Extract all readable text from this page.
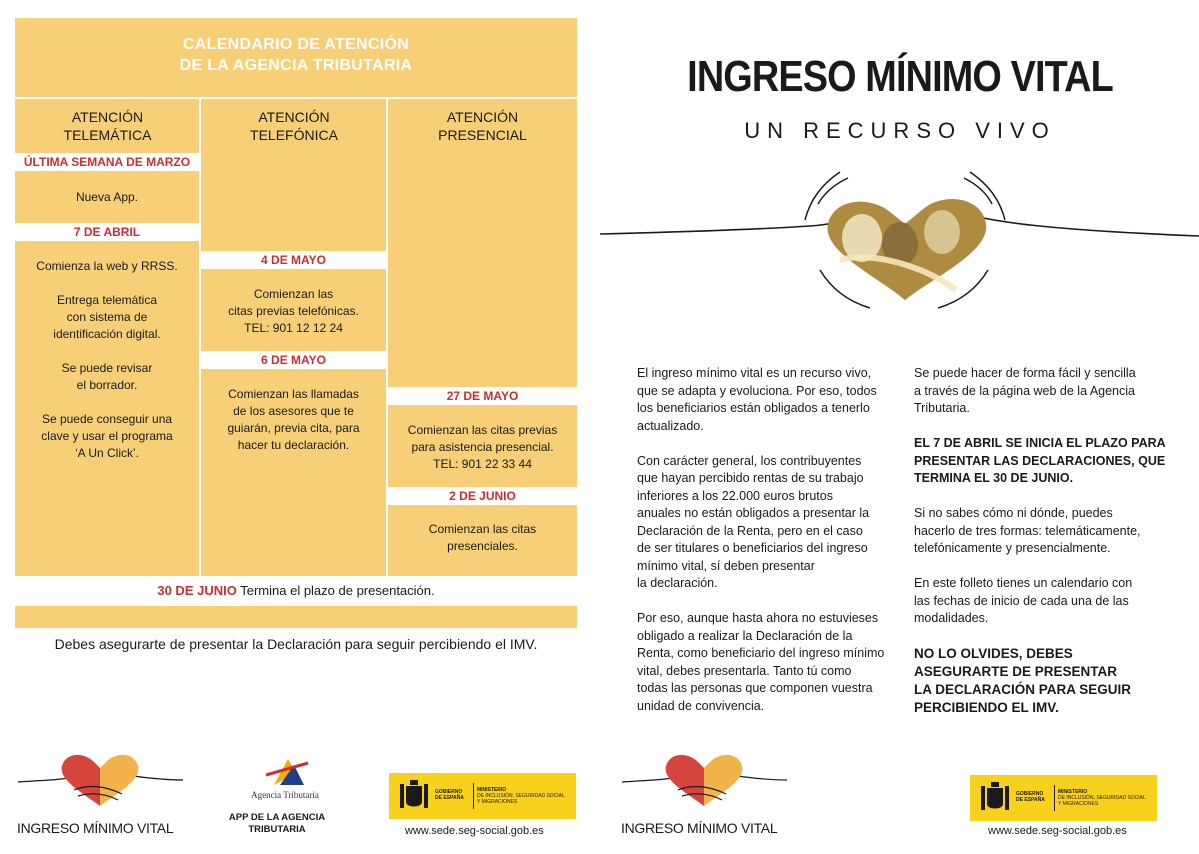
CALENDARIO DE ATENCIÓN
DE LA AGENCIA TRIBUTARIA
ATENCIÓN
TELEMÁTICA
ATENCIÓN
TELEFÓNICA
ATENCIÓN
PRESENCIAL
ÚLTIMA SEMANA DE MARZO
Nueva App.
7 DE ABRIL

Comienza la web y RRSS.

Entrega telemática
con sistema de
identificación digital.

Se puede revisar
el borrador.

Se puede conseguir una
clave y usar el programa
‘A Un Click’.

4 DE MAYO
Comienzan las
citas previas telefónicas.
TEL: 901 12 12 24
6 DE MAYO
Comienzan las llamadas
de los asesores que te
guiarán, previa cita, para
hacer tu declaración.
27 DE MAYO
Comienzan las citas previas
para asistencia presencial.
TEL: 901 22 33 44
2 DE JUNIO
Comienzan las citas
presenciales.
30 DE JUNIO Termina el plazo de presentación.
Debes asegurarte de presentar la Declaración para seguir percibiendo el IMV.
INGRESO MÍNIMO VITAL
UN RECURSO VIVO

El ingreso mínimo vital es un recurso vivo,
que se adapta y evoluciona. Por eso, todos
los beneficiarios están obligados a tenerlo
actualizado.

Con carácter general, los contribuyentes
que hayan percibido rentas de su trabajo
inferiores a los 22.000 euros brutos
anuales no están obligados a presentar la
Declaración de la Renta, pero en el caso
de ser titulares o beneficiarios del ingreso
mínimo vital, sí deben presentar
la declaración.

Por eso, aunque hasta ahora no estuvieses
obligado a realizar la Declaración de la
Renta, como beneficiario del ingreso mínimo
vital, debes presentarla. Tanto tú como
todas las personas que componen vuestra
unidad de convivencia.

Se puede hacer de forma fácil y sencilla
a través de la página web de la Agencia
Tributaria.

EL 7 DE ABRIL SE INICIA EL PLAZO PARA
PRESENTAR LAS DECLARACIONES, QUE
TERMINA EL 30 DE JUNIO.

Si no sabes cómo ni dónde, puedes
hacerlo de tres formas: telemáticamente,
telefónicamente y presencialmente.

En este folleto tienes un calendario con
las fechas de inicio de cada una de las
modalidades.

NO LO OLVIDES, DEBES
ASEGURARTE DE PRESENTAR
LA DECLARACIÓN PARA SEGUIR
PERCIBIENDO EL IMV.

INGRESO MÍNIMO VITAL
Agencia Tributaria
APP DE LA AGENCIA
TRIBUTARIA
GOBIERNO
DE ESPAÑA
MINISTERIO
DE INCLUSIÓN, SEGURIDAD SOCIAL
Y MIGRACIONES
www.sede.seg-social.gob.es	INGRESO MÍNIMO VITAL
GOBIERNO
DE ESPAÑA
MINISTERIO
DE INCLUSIÓN, SEGURIDAD SOCIAL
Y MIGRACIONES
www.sede.seg-social.gob.es
